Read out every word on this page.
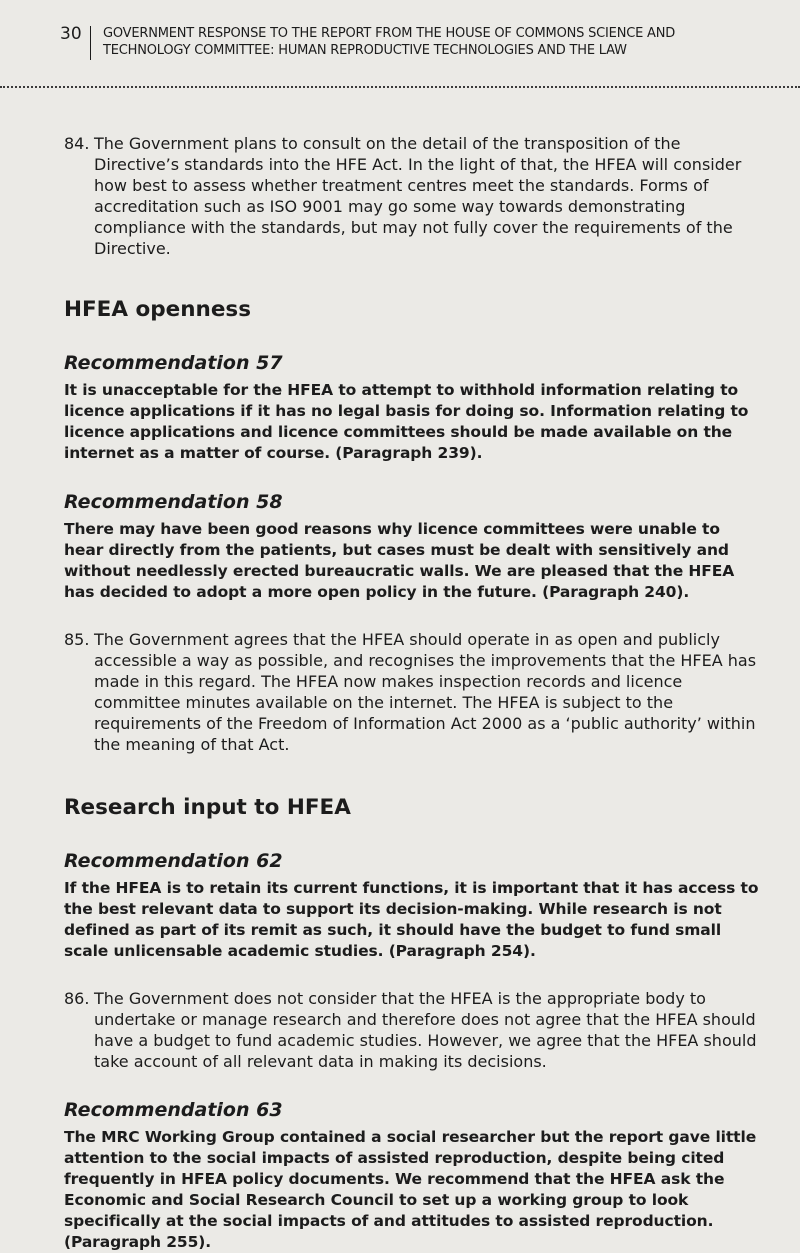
30 GOVERNMENT RESPONSE TO THE REPORT FROM THE HOUSE OF COMMONS SCIENCE AND
TECHNOLOGY COMMITTEE: HUMAN REPRODUCTIVE TECHNOLOGIES AND THE LAW
84. The Government plans to consult on the detail of the transposition of the Directive’s standards into the HFE Act. In the light of that, the HFEA will consider how best to assess whether treatment centres meet the standards. Forms of accreditation such as ISO 9001 may go some way towards demonstrating compliance with the standards, but may not fully cover the requirements of the Directive.
HFEA openness
Recommendation 57

It is unacceptable for the HFEA to attempt to withhold information relating to licence applications if it has no legal basis for doing so. Information relating to licence applications and licence committees should be made available on the internet as a matter of course. (Paragraph 239).

Recommendation 58

There may have been good reasons why licence committees were unable to hear directly from the patients, but cases must be dealt with sensitively and without needlessly erected bureaucratic walls. We are pleased that the HFEA has decided to adopt a more open policy in the future. (Paragraph 240).

85. The Government agrees that the HFEA should operate in as open and publicly accessible a way as possible, and recognises the improvements that the HFEA has made in this regard. The HFEA now makes inspection records and licence committee minutes available on the internet. The HFEA is subject to the requirements of the Freedom of Information Act 2000 as a ‘public authority’ within the meaning of that Act.
Research input to HFEA
Recommendation 62

If the HFEA is to retain its current functions, it is important that it has access to the best relevant data to support its decision-making. While research is not defined as part of its remit as such, it should have the budget to fund small scale unlicensable academic studies. (Paragraph 254).

86. The Government does not consider that the HFEA is the appropriate body to undertake or manage research and therefore does not agree that the HFEA should have a budget to fund academic studies. However, we agree that the HFEA should take account of all relevant data in making its decisions.
Recommendation 63

The MRC Working Group contained a social researcher but the report gave little attention to the social impacts of assisted reproduction, despite being cited frequently in HFEA policy documents. We recommend that the HFEA ask the Economic and Social Research Council to set up a working group to look specifically at the social impacts of and attitudes to assisted reproduction. (Paragraph 255).
